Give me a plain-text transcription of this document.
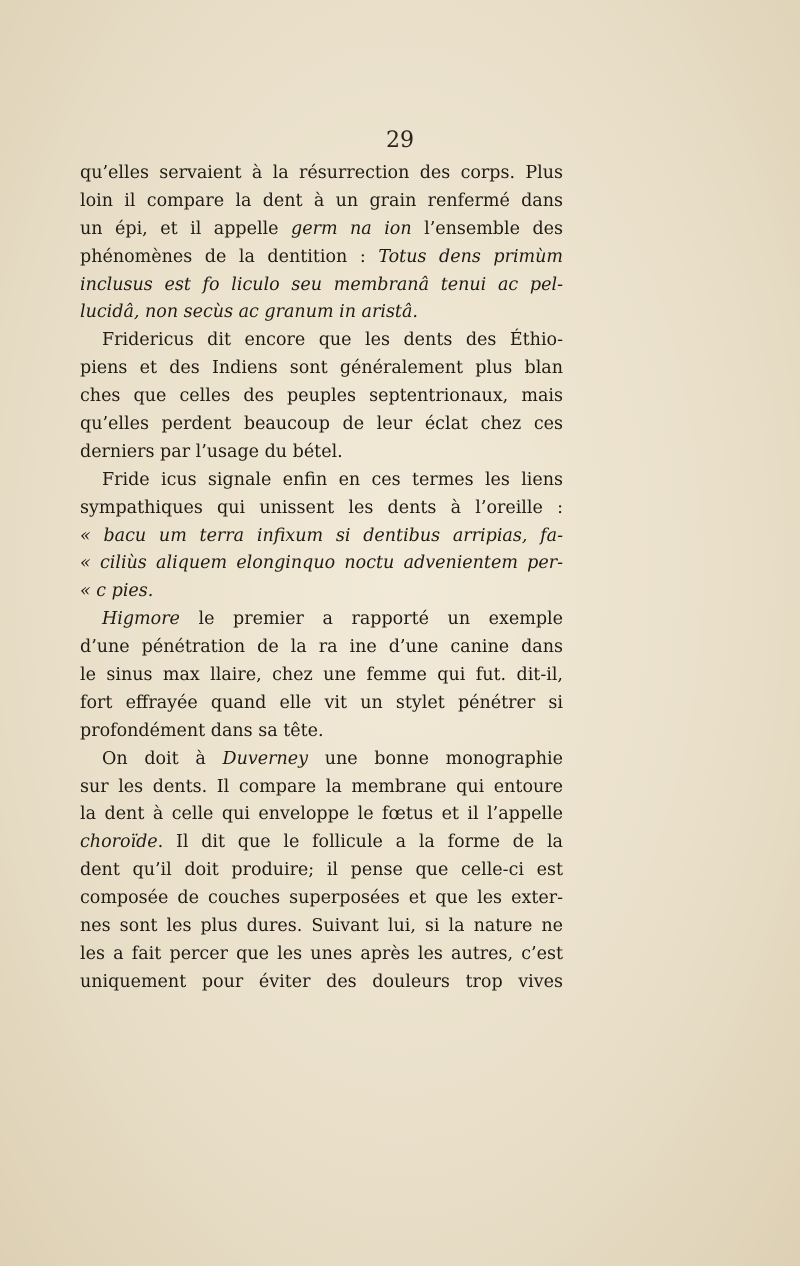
29
qu’elles servaient à la résurrection des corps. Plus
loin il compare la dent à un grain renfermé dans
un épi, et il appelle germ na ion l’ensemble des
phénomènes de la dentition : Totus dens primùm
inclusus est fo liculo seu membranâ tenui ac pel-
lucidâ, non secùs ac granum in aristâ.
Fridericus dit encore que les dents des Éthio-
piens et des Indiens sont généralement plus blan
ches que celles des peuples septentrionaux, mais
qu’elles perdent beaucoup de leur éclat chez ces
derniers par l’usage du bétel.
Fride icus signale enfin en ces termes les liens
sympathiques qui unissent les dents à l’oreille :
« bacu um terra infixum si dentibus arripias, fa-
« ciliùs aliquem elonginquo noctu advenientem per-
« c pies.
Higmore le premier a rapporté un exemple
d’une pénétration de la ra ine d’une canine dans
le sinus max llaire, chez une femme qui fut. dit-il,
fort effrayée quand elle vit un stylet pénétrer si
profondément dans sa tête.
On doit à Duverney une bonne monographie
sur les dents. Il compare la membrane qui entoure
la dent à celle qui enveloppe le fœtus et il l’appelle
choroïde. Il dit que le follicule a la forme de la
dent qu’il doit produire; il pense que celle-ci est
composée de couches superposées et que les exter-
nes sont les plus dures. Suivant lui, si la nature ne
les a fait percer que les unes après les autres, c’est
uniquement pour éviter des douleurs trop vives
